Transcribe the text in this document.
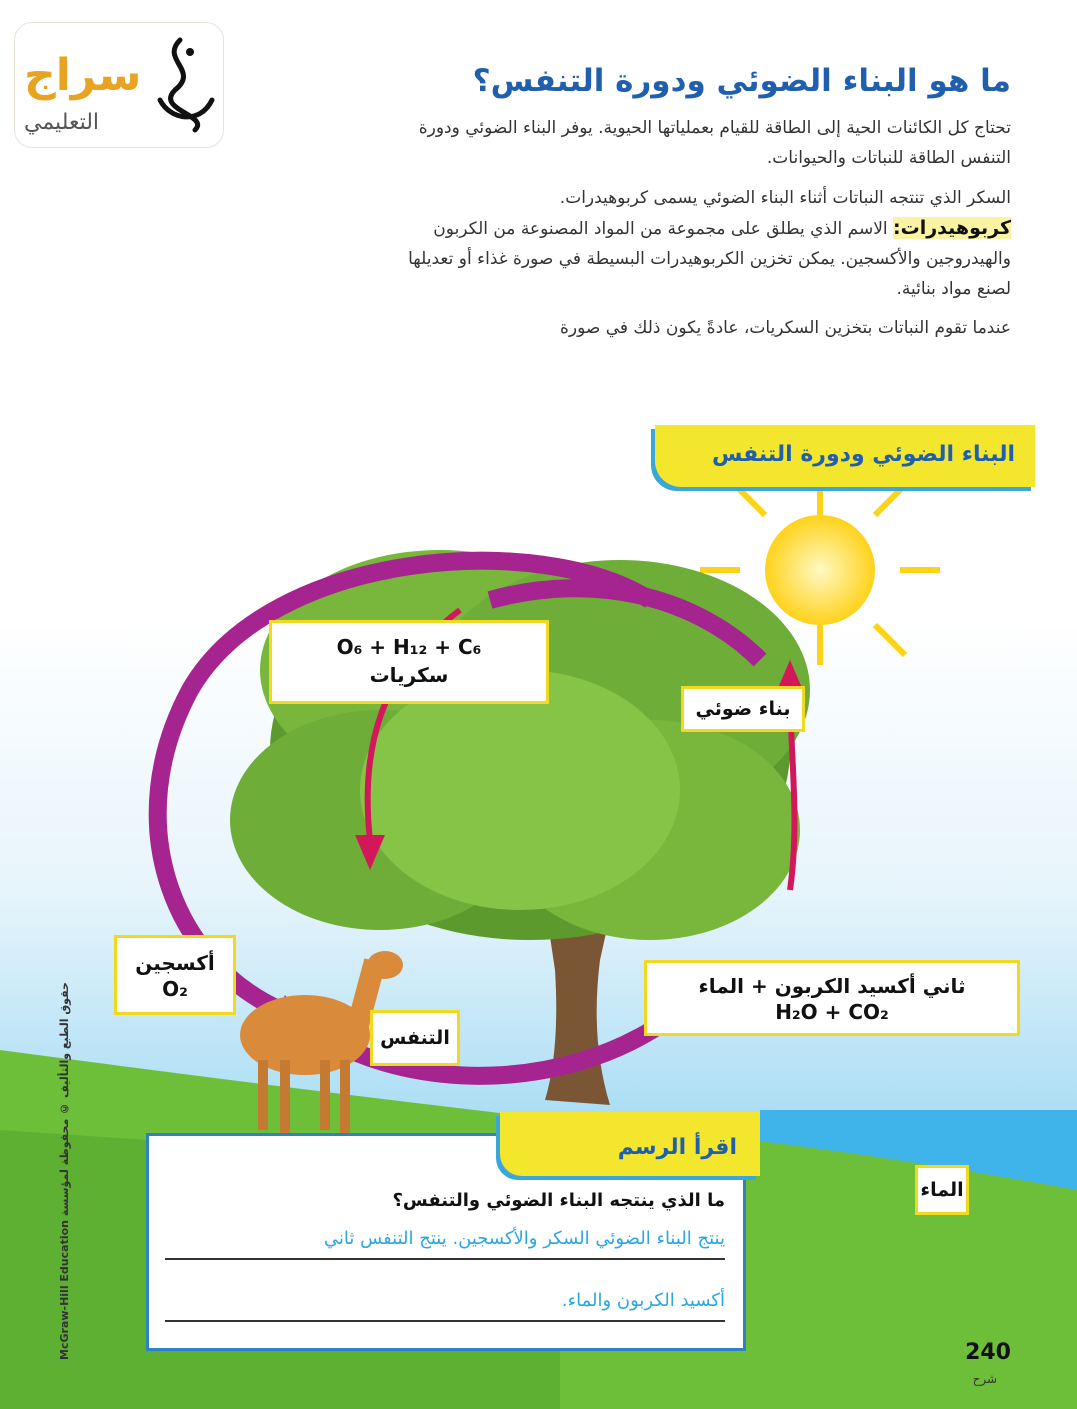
سراج
التعليمي
ما هو البناء الضوئي ودورة التنفس؟
تحتاج كل الكائنات الحية إلى الطاقة للقيام بعملياتها الحيوية. يوفر البناء الضوئي ودورة التنفس الطاقة للنباتات والحيوانات.
السكر الذي تنتجه النباتات أثناء البناء الضوئي يسمى كربوهيدرات.
كربوهيدرات: الاسم الذي يطلق على مجموعة من المواد المصنوعة من الكربون والهيدروجين والأكسجين. يمكن تخزين الكربوهيدرات البسيطة في صورة غذاء أو تعديلها لصنع مواد بنائية.
عندما تقوم النباتات بتخزين السكريات، عادةً يكون ذلك في صورة
البناء الضوئي ودورة التنفس
O₆ + H₁₂ + C₆
سكريات
بناء ضوئي
أكسجين
O₂	ثاني أكسيد الكربون + الماء
H₂O + CO₂
التنفس
الماء
اقرأ الرسم
ما الذي ينتجه البناء الضوئي والتنفس؟
ينتج البناء الضوئي السكر والأكسجين. ينتج التنفس ثاني
أكسيد الكربون والماء.
240
شرح
McGraw-Hill Education حقوق الطبع والتأليف © محفوظة لمؤسسة
